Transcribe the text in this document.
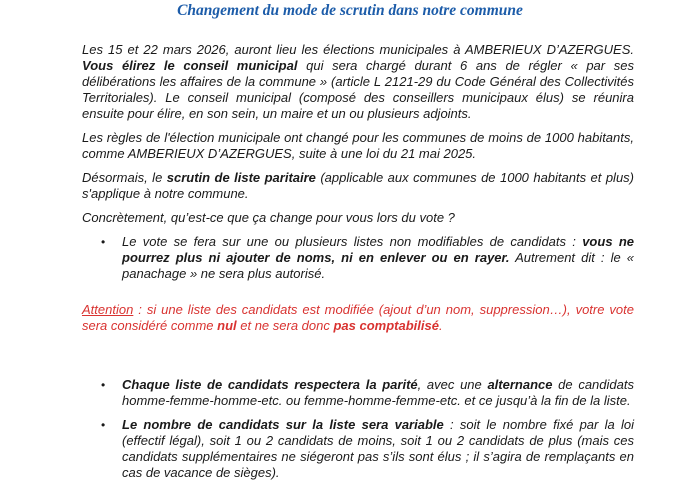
Changement du mode de scrutin dans notre commune

Les 15 et 22 mars 2026, auront lieu les élections municipales à AMBERIEUX D’AZERGUES. Vous élirez le conseil municipal qui sera chargé durant 6 ans de régler « par ses délibérations les affaires de la commune » (article L 2121-29 du Code Général des Collectivités Territoriales). Le conseil municipal (composé des conseillers municipaux élus) se réunira ensuite pour élire, en son sein, un maire et un ou plusieurs adjoints.

Les règles de l'élection municipale ont changé pour les communes de moins de 1000 habitants, comme AMBERIEUX D’AZERGUES, suite à une loi du 21 mai 2025.

Désormais, le scrutin de liste paritaire (applicable aux communes de 1000 habitants et plus) s'applique à notre commune.

Concrètement, qu’est-ce que ça change pour vous lors du vote ?

•	Le vote se fera sur une ou plusieurs listes non modifiables de candidats : vous ne pourrez plus ni ajouter de noms, ni en enlever ou en rayer. Autrement dit : le « panachage » ne sera plus autorisé.

Attention : si une liste des candidats est modifiée (ajout d’un nom, suppression…), votre vote sera considéré comme nul et ne sera donc pas comptabilisé.

•	Chaque liste de candidats respectera la parité, avec une alternance de candidats homme-femme-homme-etc. ou femme-homme-femme-etc. et ce jusqu’à la fin de la liste.

•	Le nombre de candidats sur la liste sera variable : soit le nombre fixé par la loi (effectif légal), soit 1 ou 2 candidats de moins, soit 1 ou 2 candidats de plus (mais ces candidats supplémentaires ne siégeront pas s’ils sont élus ; il s’agira de remplaçants en cas de vacance de sièges).
